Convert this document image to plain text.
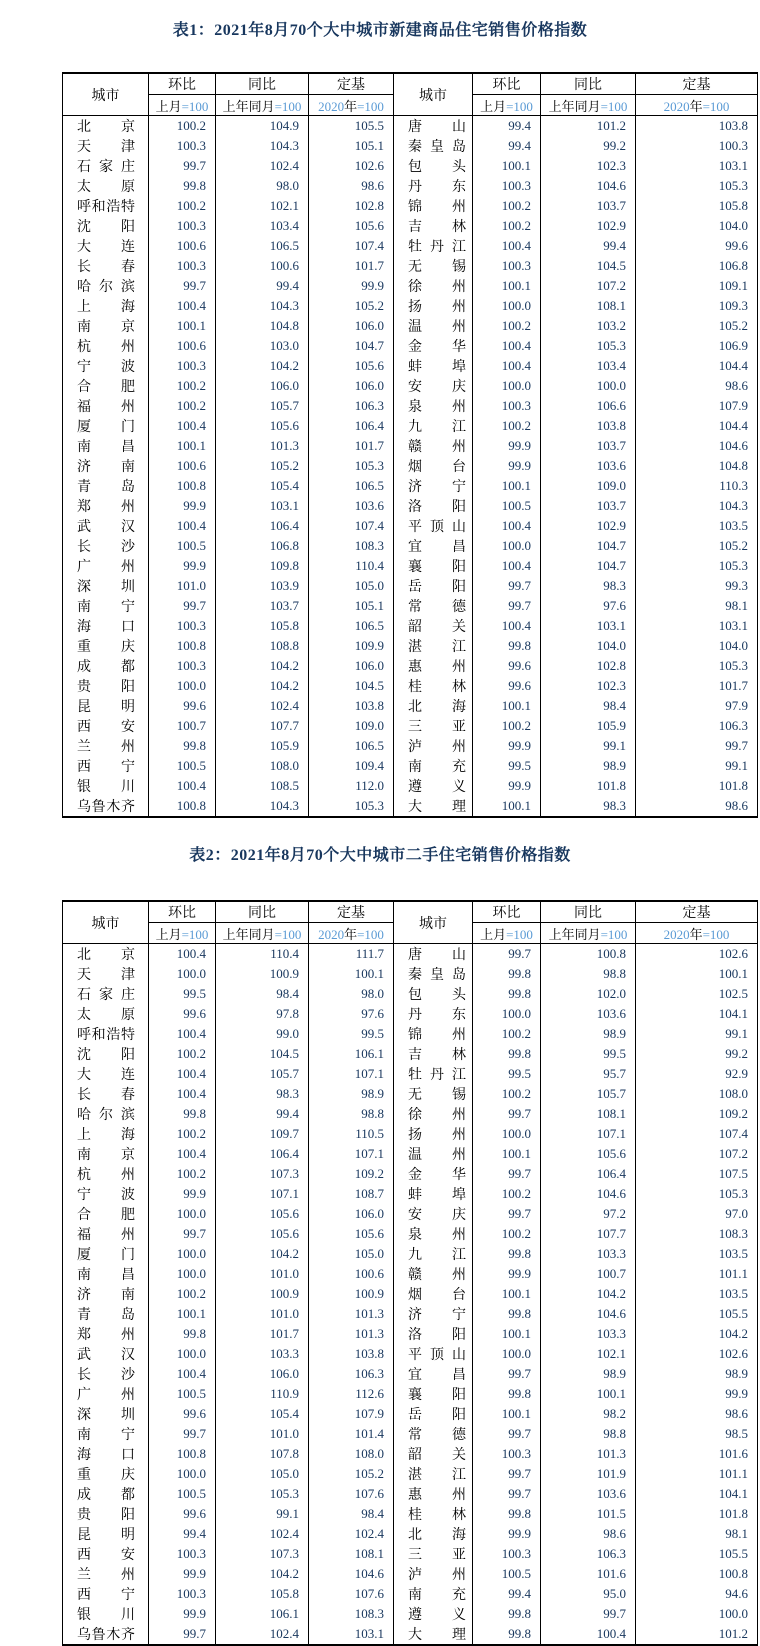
表1：2021年8月70个大中城市新建商品住宅销售价格指数
城市	环比	同比	定基	城市	环比	同比	定基
	上月=100	上年同月=100	2020年=100		上月=100	上年同月=100	2020年=100
北京	100.2	104.9	105.5	唐山	99.4	101.2	103.8
天津	100.3	104.3	105.1	秦皇岛	99.4	99.2	100.3
石家庄	99.7	102.4	102.6	包头	100.1	102.3	103.1
太原	99.8	98.0	98.6	丹东	100.3	104.6	105.3
呼和浩特	100.2	102.1	102.8	锦州	100.2	103.7	105.8
沈阳	100.3	103.4	105.6	吉林	100.2	102.9	104.0
大连	100.6	106.5	107.4	牡丹江	100.4	99.4	99.6
长春	100.3	100.6	101.7	无锡	100.3	104.5	106.8
哈尔滨	99.7	99.4	99.9	徐州	100.1	107.2	109.1
上海	100.4	104.3	105.2	扬州	100.0	108.1	109.3
南京	100.1	104.8	106.0	温州	100.2	103.2	105.2
杭州	100.6	103.0	104.7	金华	100.4	105.3	106.9
宁波	100.3	104.2	105.6	蚌埠	100.4	103.4	104.4
合肥	100.2	106.0	106.0	安庆	100.0	100.0	98.6
福州	100.2	105.7	106.3	泉州	100.3	106.6	107.9
厦门	100.4	105.6	106.4	九江	100.2	103.8	104.4
南昌	100.1	101.3	101.7	赣州	99.9	103.7	104.6
济南	100.6	105.2	105.3	烟台	99.9	103.6	104.8
青岛	100.8	105.4	106.5	济宁	100.1	109.0	110.3
郑州	99.9	103.1	103.6	洛阳	100.5	103.7	104.3
武汉	100.4	106.4	107.4	平顶山	100.4	102.9	103.5
长沙	100.5	106.8	108.3	宜昌	100.0	104.7	105.2
广州	99.9	109.8	110.4	襄阳	100.4	104.7	105.3
深圳	101.0	103.9	105.0	岳阳	99.7	98.3	99.3
南宁	99.7	103.7	105.1	常德	99.7	97.6	98.1
海口	100.3	105.8	106.5	韶关	100.4	103.1	103.1
重庆	100.8	108.8	109.9	湛江	99.8	104.0	104.0
成都	100.3	104.2	106.0	惠州	99.6	102.8	105.3
贵阳	100.0	104.2	104.5	桂林	99.6	102.3	101.7
昆明	99.6	102.4	103.8	北海	100.1	98.4	97.9
西安	100.7	107.7	109.0	三亚	100.2	105.9	106.3
兰州	99.8	105.9	106.5	泸州	99.9	99.1	99.7
西宁	100.5	108.0	109.4	南充	99.5	98.9	99.1
银川	100.4	108.5	112.0	遵义	99.9	101.8	101.8
乌鲁木齐	100.8	104.3	105.3	大理	100.1	98.3	98.6
表2：2021年8月70个大中城市二手住宅销售价格指数
城市	环比	同比	定基	城市	环比	同比	定基
	上月=100	上年同月=100	2020年=100		上月=100	上年同月=100	2020年=100
北京	100.4	110.4	111.7	唐山	99.7	100.8	102.6
天津	100.0	100.9	100.1	秦皇岛	99.8	98.8	100.1
石家庄	99.5	98.4	98.0	包头	99.8	102.0	102.5
太原	99.6	97.8	97.6	丹东	100.0	103.6	104.1
呼和浩特	100.4	99.0	99.5	锦州	100.2	98.9	99.1
沈阳	100.2	104.5	106.1	吉林	99.8	99.5	99.2
大连	100.4	105.7	107.1	牡丹江	99.5	95.7	92.9
长春	100.4	98.3	98.9	无锡	100.2	105.7	108.0
哈尔滨	99.8	99.4	98.8	徐州	99.7	108.1	109.2
上海	100.2	109.7	110.5	扬州	100.0	107.1	107.4
南京	100.4	106.4	107.1	温州	100.1	105.6	107.2
杭州	100.2	107.3	109.2	金华	99.7	106.4	107.5
宁波	99.9	107.1	108.7	蚌埠	100.2	104.6	105.3
合肥	100.0	105.6	106.0	安庆	99.7	97.2	97.0
福州	99.7	105.6	105.6	泉州	100.2	107.7	108.3
厦门	100.0	104.2	105.0	九江	99.8	103.3	103.5
南昌	100.0	101.0	100.6	赣州	99.9	100.7	101.1
济南	100.2	100.9	100.9	烟台	100.1	104.2	103.5
青岛	100.1	101.0	101.3	济宁	99.8	104.6	105.5
郑州	99.8	101.7	101.3	洛阳	100.1	103.3	104.2
武汉	100.0	103.3	103.8	平顶山	100.0	102.1	102.6
长沙	100.4	106.0	106.3	宜昌	99.7	98.9	98.9
广州	100.5	110.9	112.6	襄阳	99.8	100.1	99.9
深圳	99.6	105.4	107.9	岳阳	100.1	98.2	98.6
南宁	99.7	101.0	101.4	常德	99.7	98.8	98.5
海口	100.8	107.8	108.0	韶关	100.3	101.3	101.6
重庆	100.0	105.0	105.2	湛江	99.7	101.9	101.1
成都	100.5	105.3	107.6	惠州	99.7	103.6	104.1
贵阳	99.6	99.1	98.4	桂林	99.8	101.5	101.8
昆明	99.4	102.4	102.4	北海	99.9	98.6	98.1
西安	100.3	107.3	108.1	三亚	100.3	106.3	105.5
兰州	99.9	104.2	104.6	泸州	100.5	101.6	100.8
西宁	100.3	105.8	107.6	南充	99.4	95.0	94.6
银川	99.9	106.1	108.3	遵义	99.8	99.7	100.0
乌鲁木齐	99.7	102.4	103.1	大理	99.8	100.4	101.2
